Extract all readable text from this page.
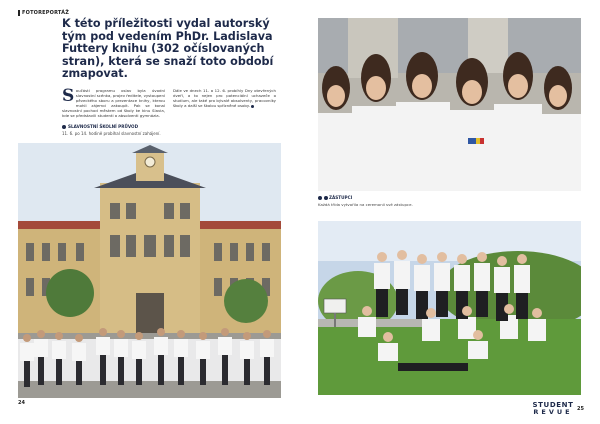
FOTOREPORTÁŽ
K této příležitosti vydal autorský tým pod vedením PhDr. Ladislava Futtery knihu (302 očíslovaných stran), která se snaží toto období zmapovat.
Součástí programu oslav byla úvodní slavnostní scénka, projev ředitele, vystoupení pěveckého sboru a prezentace knihy, kterou mohli zájemci zakoupit. Pak se konal slavnostní pochod městem od školy ke kinu Slavia, kde se představili studenti a absolventi gymnázia.
Dále ve dnech 11. a 12. 6. probíhly Dny otevřených dveří, a to nejen pro potenciální uchazeče o studium, ale také pro bývalé absolventy, pracovníky školy a další se školou spřízněné osoby.
SLAVNOSTNÍ ŠKOLNÍ PRŮVOD
11. 6. po 14. hodině probíhal slavnostní zahájení.
24
ZÁSTUPCI
Každá třída vytvořila na ceremonii své zástupce.
STUDENT
REVUE 25
